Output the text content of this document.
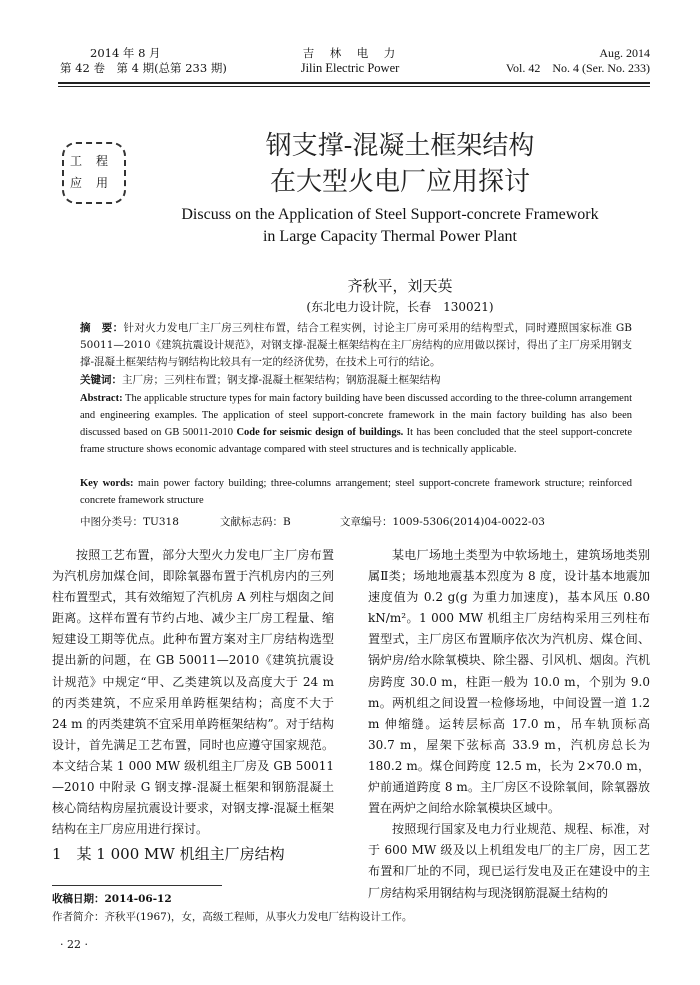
2014 年 8 月
第 42 卷　第 4 期(总第 233 期)
吉　林　电　力
Jilin Electric Power
Aug. 2014
Vol. 42　No. 4 (Ser. No. 233)
工程
应用
钢支撑-混凝土框架结构
在大型火电厂应用探讨
Discuss on the Application of Steel Support-concrete Framework
in Large Capacity Thermal Power Plant
齐秋平，刘天英
(东北电力设计院，长春　130021)
摘　要：针对火力发电厂主厂房三列柱布置，结合工程实例，讨论主厂房可采用的结构型式，同时遵照国家标准 GB 50011—2010《建筑抗震设计规范》，对钢支撑-混凝土框架结构在主厂房结构的应用做以探讨，得出了主厂房采用钢支撑-混凝土框架结构与钢结构比较具有一定的经济优势，在技术上可行的结论。
关键词：主厂房；三列柱布置；钢支撑-混凝土框架结构；钢筋混凝土框架结构
Abstract: The applicable structure types for main factory building have been discussed according to the three-column arrangement and engineering examples. The application of steel support-concrete framework in the main factory building has also been discussed based on GB 50011-2010 Code for seismic design of buildings. It has been concluded that the steel support-concrete frame structure shows economic advantage compared with steel structures and is technically applicable.
Key words: main power factory building; three-columns arrangement; steel support-concrete framework structure; reinforced concrete framework structure
中图分类号：TU318	文献标志码：B	文章编号：1009-5306(2014)04-0022-03

按照工艺布置，部分大型火力发电厂主厂房布置为汽机房加煤仓间，即除氧器布置于汽机房内的三列柱布置型式，其有效缩短了汽机房 A 列柱与烟囱之间距离。这样布置有节约占地、减少主厂房工程量、缩短建设工期等优点。此种布置方案对主厂房结构选型提出新的问题，在 GB 50011—2010《建筑抗震设计规范》中规定“甲、乙类建筑以及高度大于 24 m 的丙类建筑，不应采用单跨框架结构；高度不大于 24 m 的丙类建筑不宜采用单跨框架结构”。对于结构设计，首先满足工艺布置，同时也应遵守国家规范。本文结合某 1 000 MW 级机组主厂房及 GB 50011—2010 中附录 G 钢支撑-混凝土框架和钢筋混凝土核心筒结构房屋抗震设计要求，对钢支撑-混凝土框架结构在主厂房应用进行探讨。

1　某 1 000 MW 机组主厂房结构

某电厂场地土类型为中软场地土，建筑场地类别属Ⅱ类；场地地震基本烈度为 8 度，设计基本地震加速度值为 0.2 g(g 为重力加速度)，基本风压 0.80 kN/m²。1 000 MW 机组主厂房结构采用三列柱布置型式，主厂房区布置顺序依次为汽机房、煤仓间、锅炉房/给水除氧模块、除尘器、引风机、烟囱。汽机房跨度 30.0 m，柱距一般为 10.0 m，个别为 9.0 m。两机组之间设置一检修场地，中间设置一道 1.2 m 伸缩缝。运转层标高 17.0 m，吊车轨顶标高 30.7 m，屋架下弦标高 33.9 m，汽机房总长为 180.2 m。煤仓间跨度 12.5 m，长为 2×70.0 m，炉前通道跨度 8 m。主厂房区不设除氧间，除氧器放置在两炉之间给水除氧模块区域中。

按照现行国家及电力行业规范、规程、标准，对于 600 MW 级及以上机组发电厂的主厂房，因工艺布置和厂址的不同，现已运行发电及正在建设中的主厂房结构采用钢结构与现浇钢筋混凝土结构的

收稿日期：2014-06-12
作者简介：齐秋平(1967)，女，高级工程师，从事火力发电厂结构设计工作。
· 22 ·
